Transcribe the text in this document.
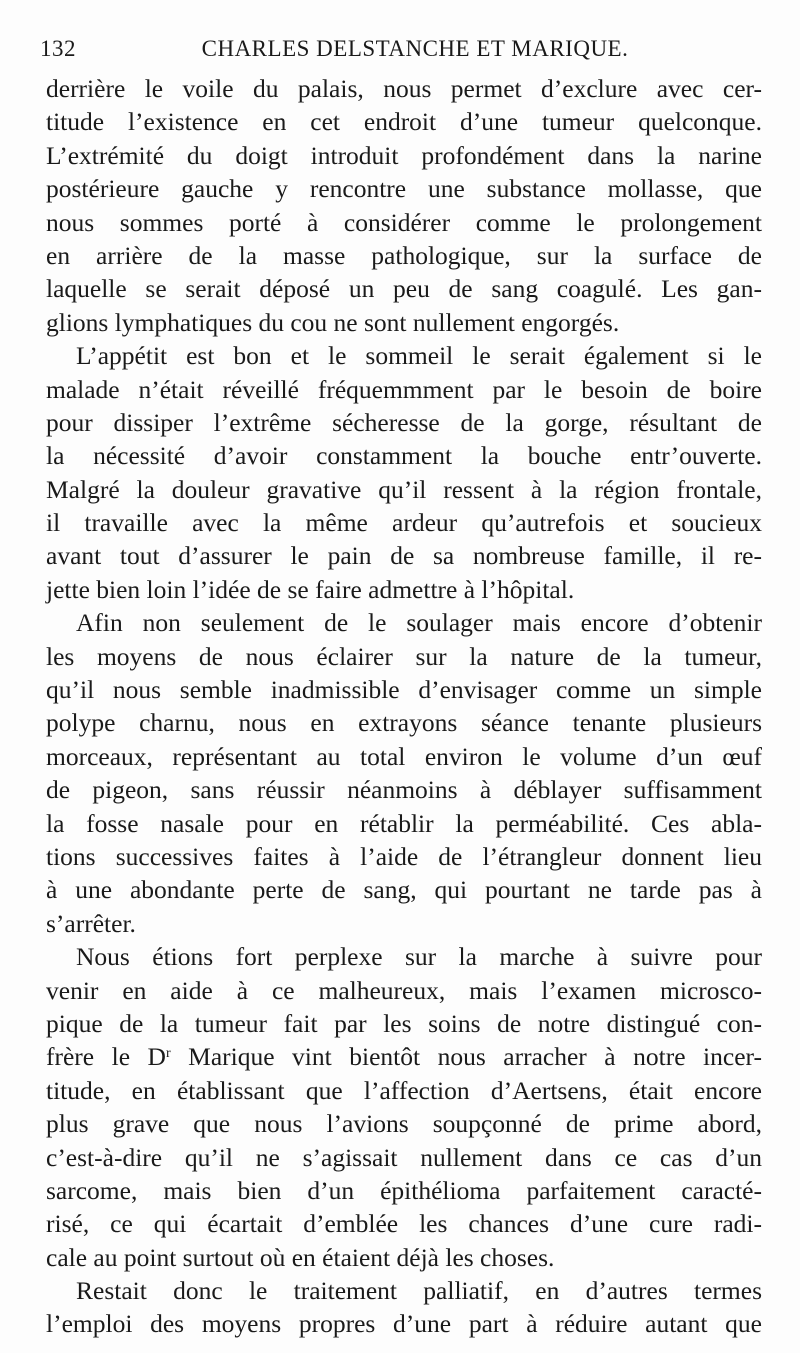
132	CHARLES DELSTANCHE ET MARIQUE.
derrière le voile du palais, nous permet d’exclure avec cer-
titude l’existence en cet endroit d’une tumeur quelconque.
L’extrémité du doigt introduit profondément dans la narine
postérieure gauche y rencontre une substance mollasse, que
nous sommes porté à considérer comme le prolongement
en arrière de la masse pathologique, sur la surface de
laquelle se serait déposé un peu de sang coagulé. Les gan-
glions lymphatiques du cou ne sont nullement engorgés.
L’appétit est bon et le sommeil le serait également si le
malade n’était réveillé fréquemmment par le besoin de boire
pour dissiper l’extrême sécheresse de la gorge, résultant de
la nécessité d’avoir constamment la bouche entr’ouverte.
Malgré la douleur gravative qu’il ressent à la région frontale,
il travaille avec la même ardeur qu’autrefois et soucieux
avant tout d’assurer le pain de sa nombreuse famille, il re-
jette bien loin l’idée de se faire admettre à l’hôpital.
Afin non seulement de le soulager mais encore d’obtenir
les moyens de nous éclairer sur la nature de la tumeur,
qu’il nous semble inadmissible d’envisager comme un simple
polype charnu, nous en extrayons séance tenante plusieurs
morceaux, représentant au total environ le volume d’un œuf
de pigeon, sans réussir néanmoins à déblayer suffisamment
la fosse nasale pour en rétablir la perméabilité. Ces abla-
tions successives faites à l’aide de l’étrangleur donnent lieu
à une abondante perte de sang, qui pourtant ne tarde pas à
s’arrêter.
Nous étions fort perplexe sur la marche à suivre pour
venir en aide à ce malheureux, mais l’examen microsco-
pique de la tumeur fait par les soins de notre distingué con-
frère le $D^r$ Marique vint bientôt nous arracher à notre incer-
titude, en établissant que l’affection d’Aertsens, était encore
plus grave que nous l’avions soupçonné de prime abord,
c’est-à-dire qu’il ne s’agissait nullement dans ce cas d’un
sarcome, mais bien d’un épithélioma parfaitement caracté-
risé, ce qui écartait d’emblée les chances d’une cure radi-
cale au point surtout où en étaient déjà les choses.
Restait donc le traitement palliatif, en d’autres termes
l’emploi des moyens propres d’une part à réduire autant que
